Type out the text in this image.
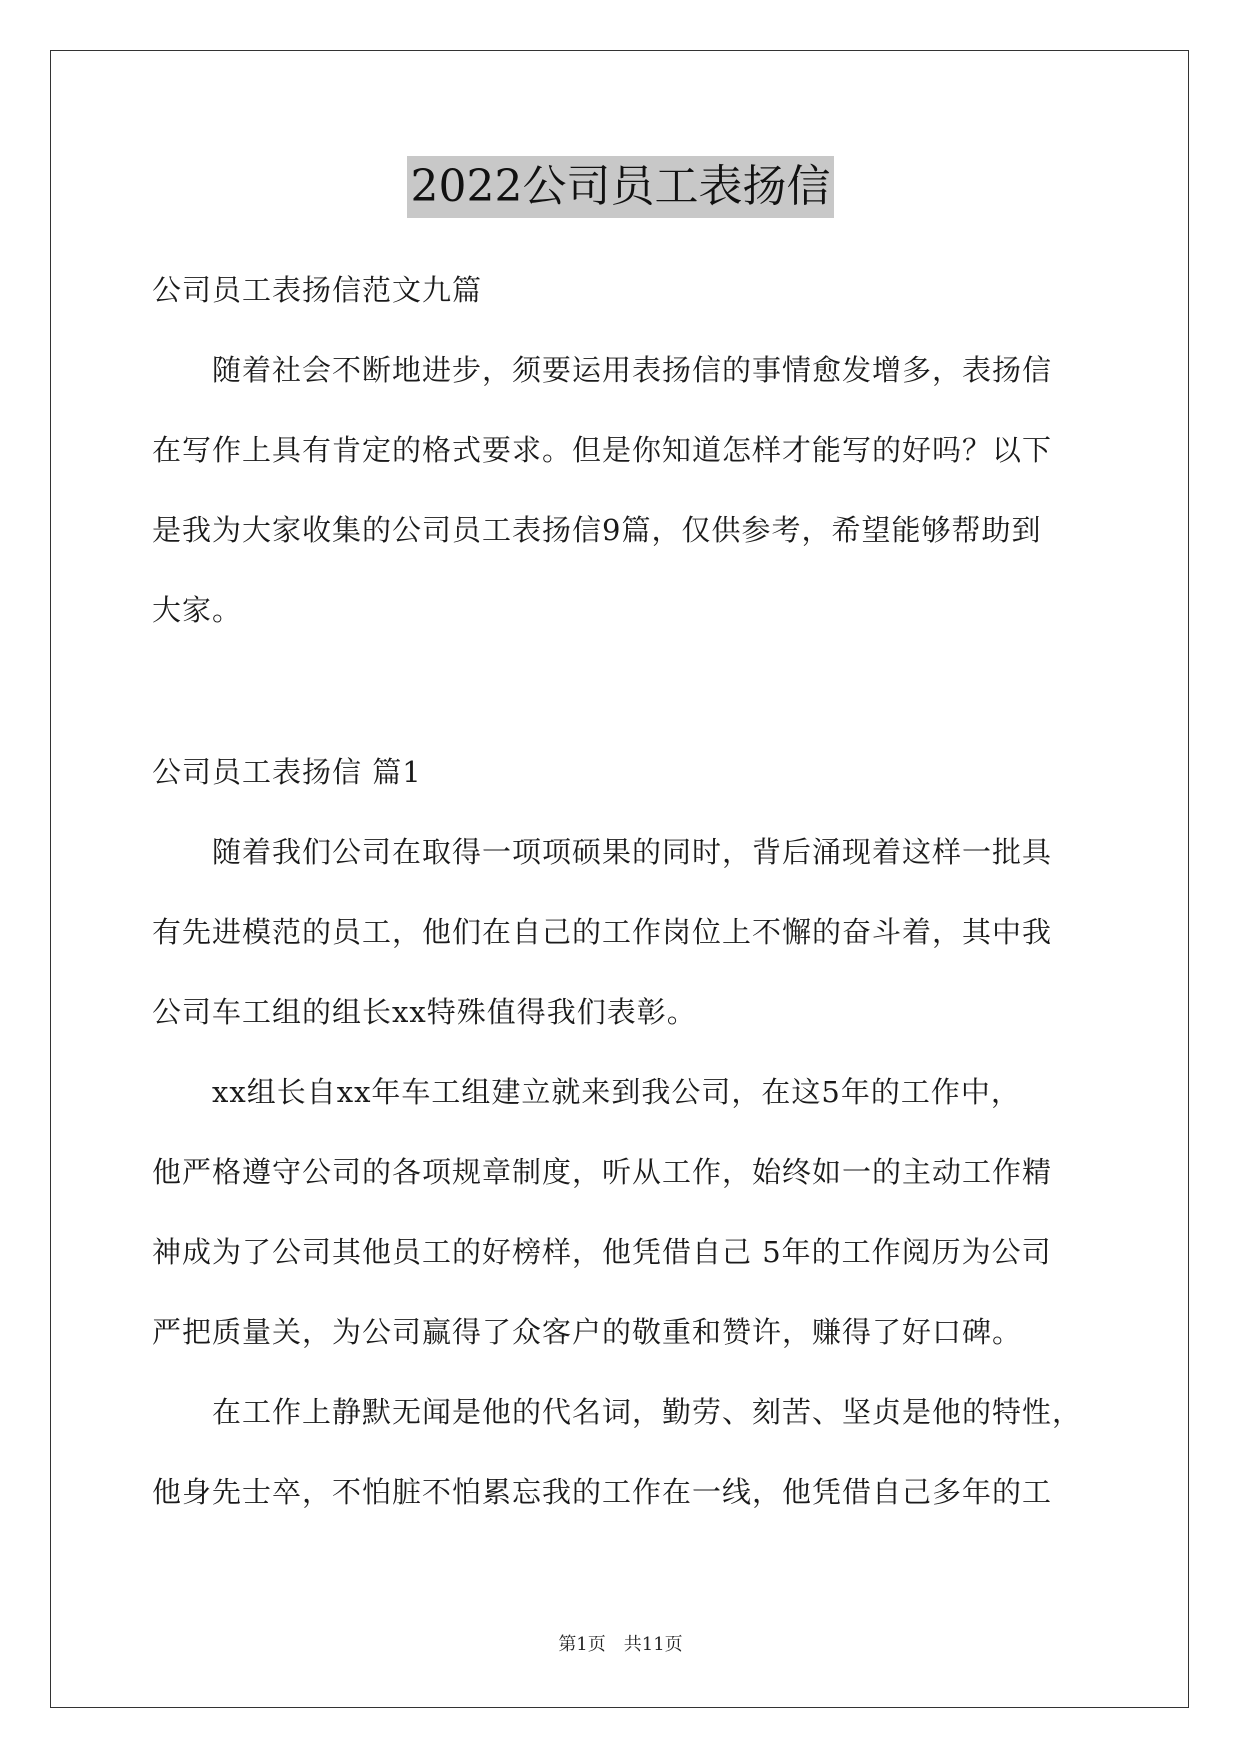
2022公司员工表扬信
公司员工表扬信范文九篇
　　随着社会不断地进步，须要运用表扬信的事情愈发增多，表扬信
在写作上具有肯定的格式要求。但是你知道怎样才能写的好吗？以下
是我为大家收集的公司员工表扬信9篇，仅供参考，希望能够帮助到
大家。
公司员工表扬信 篇1
　　随着我们公司在取得一项项硕果的同时，背后涌现着这样一批具
有先进模范的员工，他们在自己的工作岗位上不懈的奋斗着，其中我
公司车工组的组长xx特殊值得我们表彰。
　　xx组长自xx年车工组建立就来到我公司，在这5年的工作中，
他严格遵守公司的各项规章制度，听从工作，始终如一的主动工作精
神成为了公司其他员工的好榜样，他凭借自己 5年的工作阅历为公司
严把质量关，为公司赢得了众客户的敬重和赞许，赚得了好口碑。
　　在工作上静默无闻是他的代名词，勤劳、刻苦、坚贞是他的特性，
他身先士卒，不怕脏不怕累忘我的工作在一线，他凭借自己多年的工
第1页 共11页
